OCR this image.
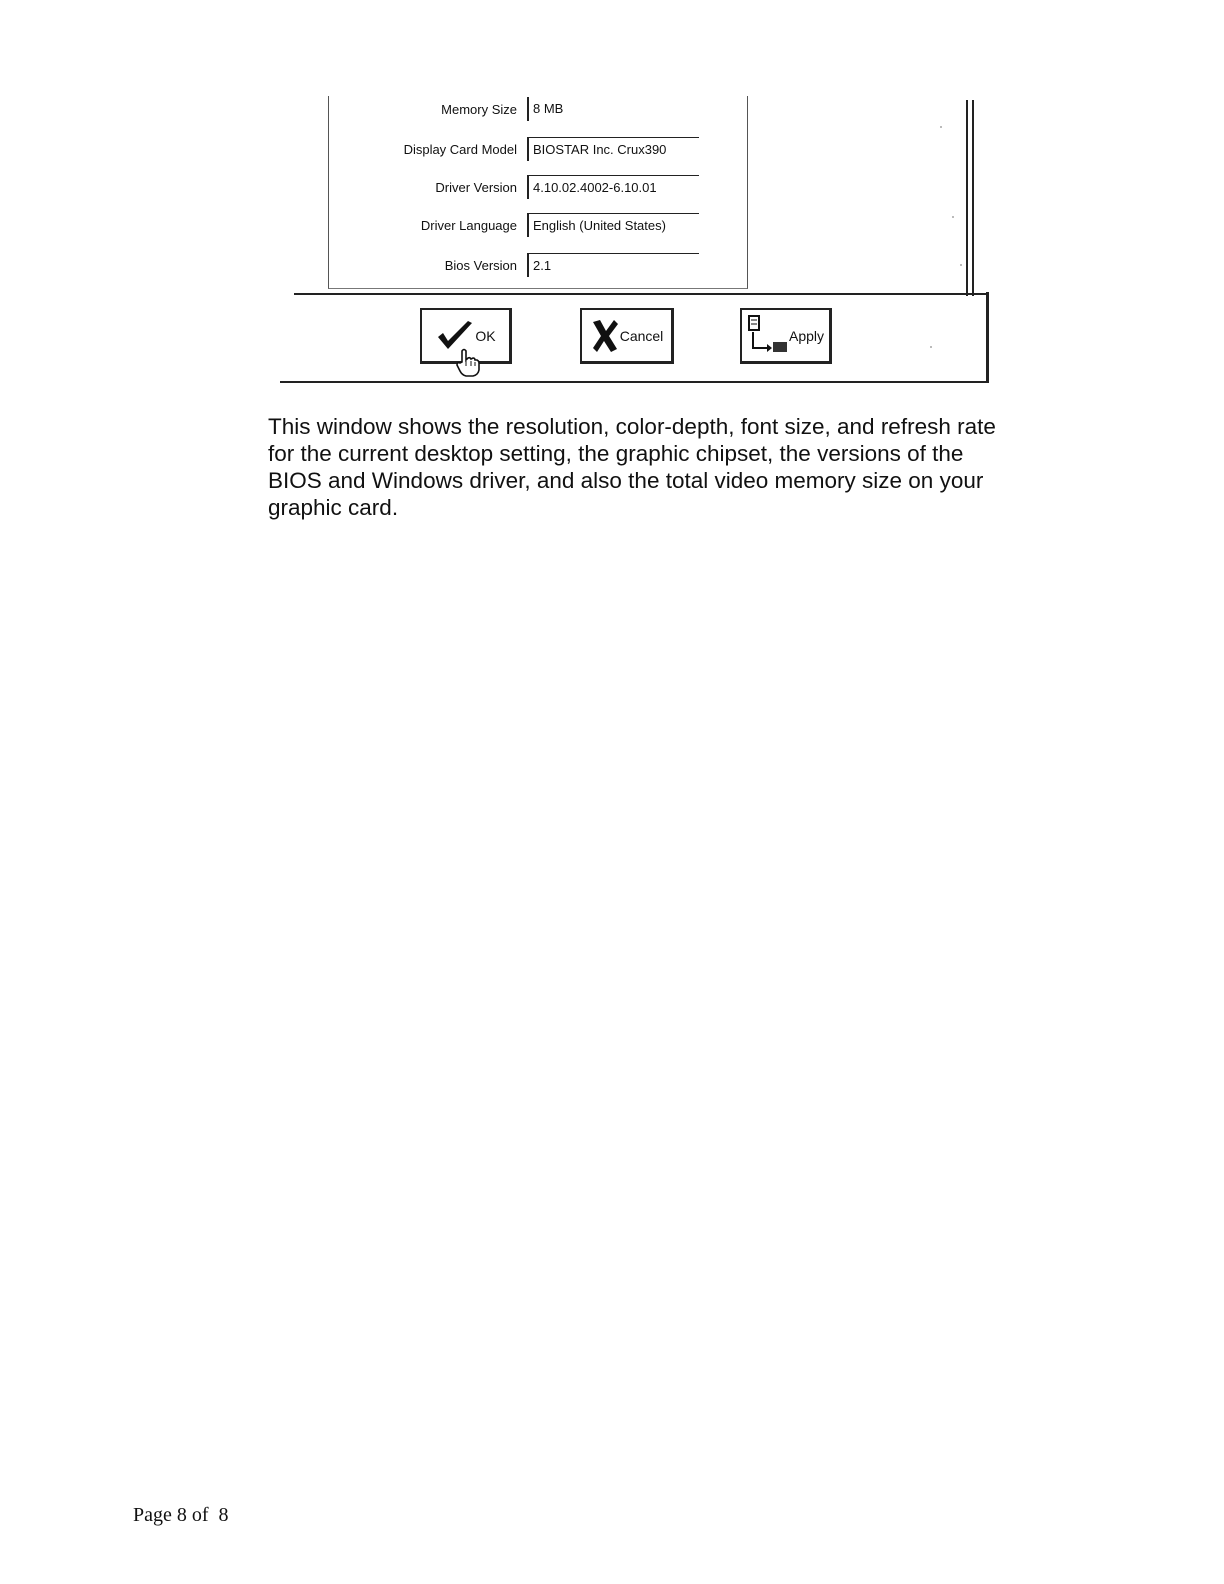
Memory Size	8 MB
Display Card Model	BIOSTAR Inc. Crux390
Driver Version	4.10.02.4002-6.10.01
Driver Language	English (United States)
Bios Version	2.1
OK	Cancel	Apply

This window shows the resolution, color-depth, font size, and refresh rate for the current desktop setting, the graphic chipset, the versions of the BIOS and Windows driver, and also the total video memory size on your graphic card.

Page 8 of 8
